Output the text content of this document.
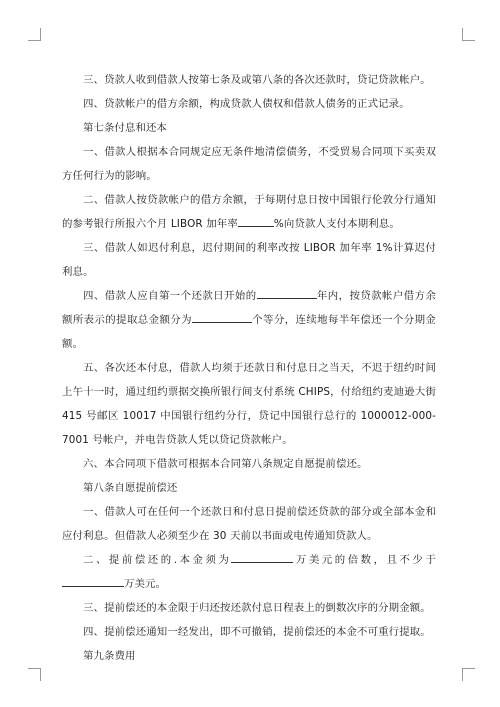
三、贷款人收到借款人按第七条及或第八条的各次还款时，贷记贷款帐户。

四、贷款帐户的借方余额，构成贷款人债权和借款人债务的正式记录。

第七条付息和还本

一、借款人根据本合同规定应无条件地清偿债务，不受贸易合同项下买卖双方任何行为的影响。

二、借款人按贷款帐户的借方余额，于每期付息日按中国银行伦敦分行通知的参考银行所报六个月 LIBOR 加年率	%向贷款人支付本期利息。

三、借款人如迟付利息，迟付期间的利率改按 LIBOR 加年率 1%计算迟付利息。

四、借款人应自第一个还款日开始的	年内，按贷款帐户借方余额所表示的提取总金额分为	个等分，连续地每半年偿还一个分期金额。

五、各次还本付息，借款人均须于还款日和付息日之当天，不迟于纽约时间上午十一时，通过纽约票据交换所银行间支付系统 CHIPS，付给纽约麦迪逊大街 415 号邮区 10017 中国银行纽约分行，贷记中国银行总行的 1000012-000-7001 号帐户，并电告贷款人凭以贷记贷款帐户。

六、本合同项下借款可根据本合同第八条规定自愿提前偿还。

第八条自愿提前偿还

一、借款人可在任何一个还款日和付息日提前偿还贷款的部分或全部本金和应付利息。但借款人必须至少在 30 天前以书面或电传通知贷款人。

二、提前偿还的.本金须为	万美元的倍数，且不少于万美元。

三、提前偿还的本金限于归还按还款付息日程表上的倒数次序的分期金额。

四、提前偿还通知一经发出，即不可撤销，提前偿还的本金不可重行提取。

第九条费用
